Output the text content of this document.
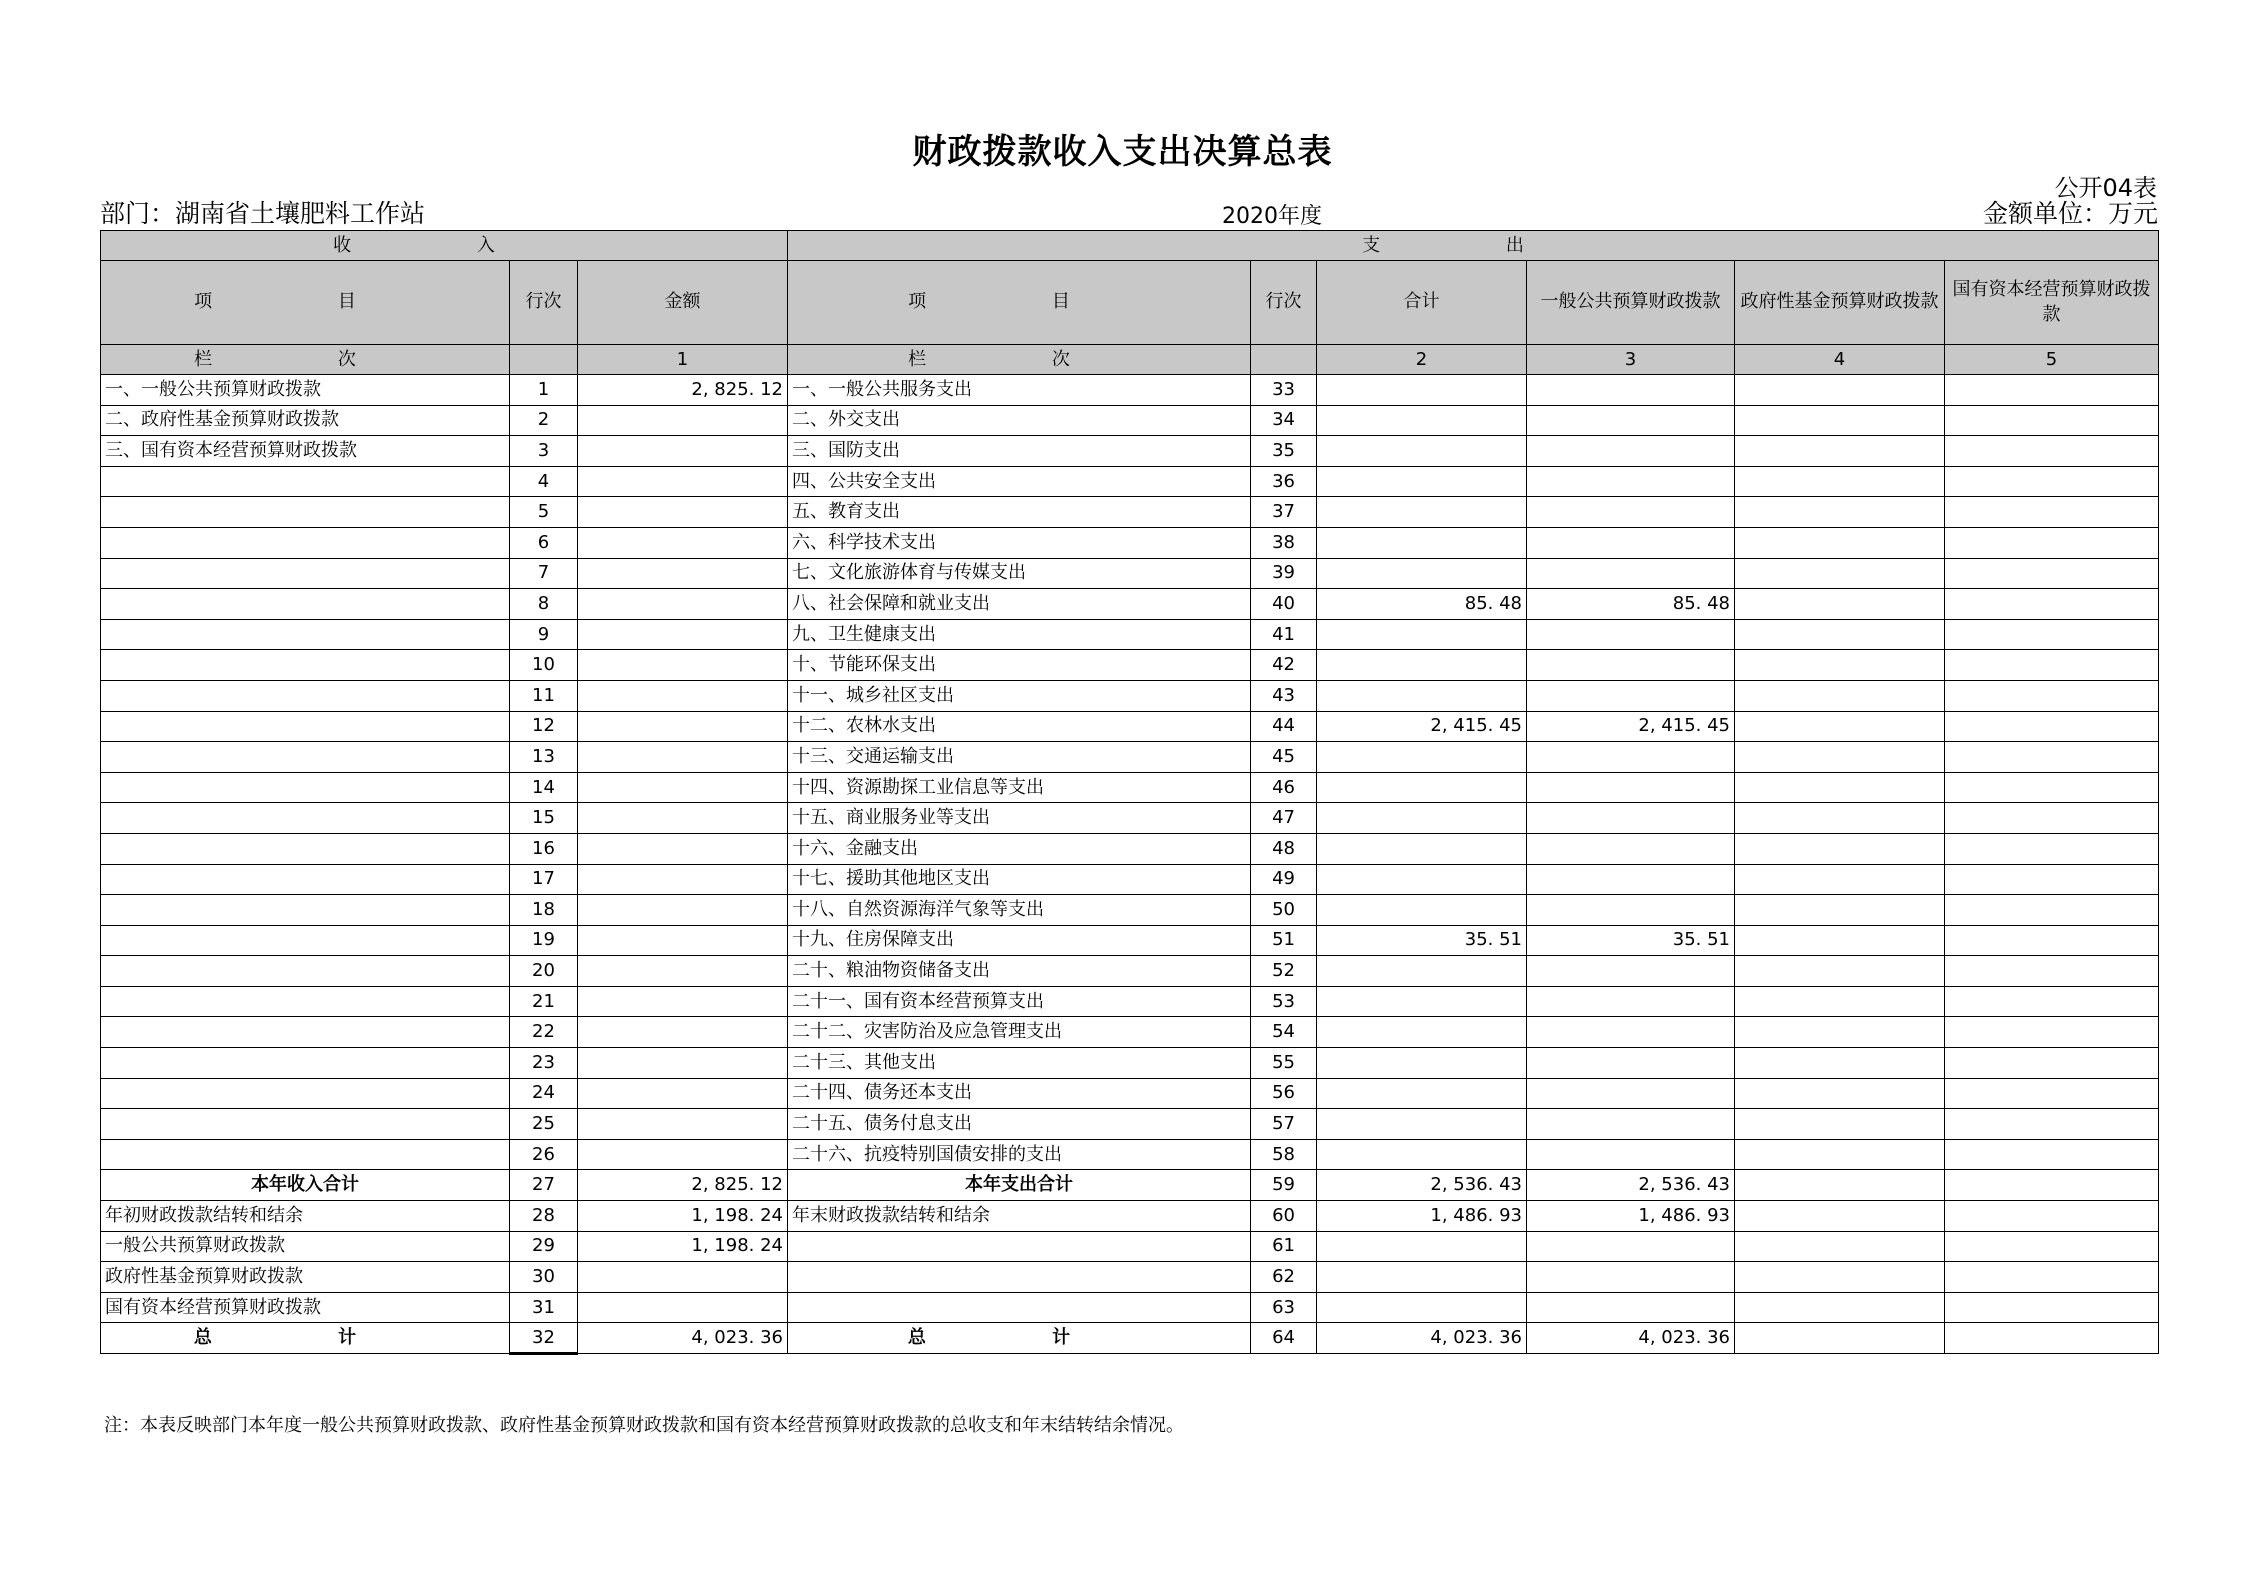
财政拨款收入支出决算总表
公开04表
部门：湖南省土壤肥料工作站	2020年度	金额单位：万元
收 入			支 出					
项 目	行次	金额	项 目	行次	合计	一般公共预算财政拨款	政府性基金预算财政拨款	国有资本经营预算财政拨款
栏 次		1	栏 次		2	3	4	5
一、一般公共预算财政拨款	1	2, 825. 12	一、一般公共服务支出	33				
二、政府性基金预算财政拨款	2		二、外交支出	34				
三、国有资本经营预算财政拨款	3		三、国防支出	35				
	4		四、公共安全支出	36				
	5		五、教育支出	37				
	6		六、科学技术支出	38				
	7		七、文化旅游体育与传媒支出	39				
	8		八、社会保障和就业支出	40	85. 48	85. 48		
	9		九、卫生健康支出	41				
	10		十、节能环保支出	42				
	11		十一、城乡社区支出	43				
	12		十二、农林水支出	44	2, 415. 45	2, 415. 45		
	13		十三、交通运输支出	45				
	14		十四、资源勘探工业信息等支出	46				
	15		十五、商业服务业等支出	47				
	16		十六、金融支出	48				
	17		十七、援助其他地区支出	49				
	18		十八、自然资源海洋气象等支出	50				
	19		十九、住房保障支出	51	35. 51	35. 51		
	20		二十、粮油物资储备支出	52				
	21		二十一、国有资本经营预算支出	53				
	22		二十二、灾害防治及应急管理支出	54				
	23		二十三、其他支出	55				
	24		二十四、债务还本支出	56				
	25		二十五、债务付息支出	57				
	26		二十六、抗疫特别国债安排的支出	58				
本年收入合计	27	2, 825. 12	本年支出合计	59	2, 536. 43	2, 536. 43		
年初财政拨款结转和结余	28	1, 198. 24	年末财政拨款结转和结余	60	1, 486. 93	1, 486. 93		
一般公共预算财政拨款	29	1, 198. 24		61				
政府性基金预算财政拨款	30			62				
国有资本经营预算财政拨款	31			63				
总 计	32	4, 023. 36	总 计	64	4, 023. 36	4, 023. 36		
注：本表反映部门本年度一般公共预算财政拨款、政府性基金预算财政拨款和国有资本经营预算财政拨款的总收支和年末结转结余情况。
